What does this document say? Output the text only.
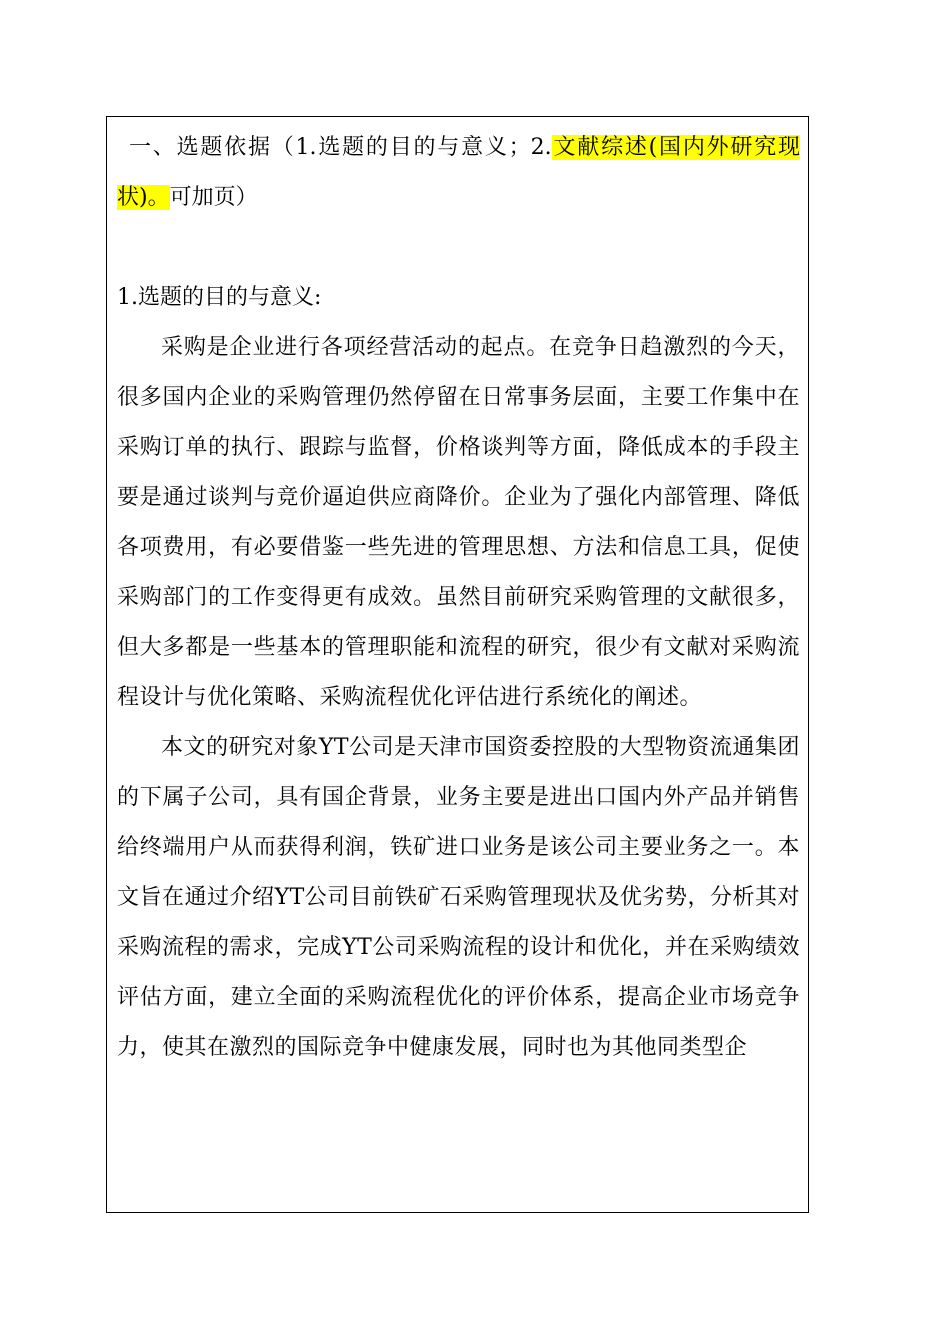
一、选题依据（1.选题的目的与意义；2.文献综述(国内外研究现状)。可加页）

1.选题的目的与意义:

采购是企业进行各项经营活动的起点。在竞争日趋激烈的今天，很多国内企业的采购管理仍然停留在日常事务层面，主要工作集中在采购订单的执行、跟踪与监督，价格谈判等方面，降低成本的手段主要是通过谈判与竞价逼迫供应商降价。企业为了强化内部管理、降低各项费用，有必要借鉴一些先进的管理思想、方法和信息工具，促使采购部门的工作变得更有成效。虽然目前研究采购管理的文献很多，但大多都是一些基本的管理职能和流程的研究，很少有文献对采购流程设计与优化策略、采购流程优化评估进行系统化的阐述。

本文的研究对象YT公司是天津市国资委控股的大型物资流通集团的下属子公司，具有国企背景，业务主要是进出口国内外产品并销售给终端用户从而获得利润，铁矿进口业务是该公司主要业务之一。本文旨在通过介绍YT公司目前铁矿石采购管理现状及优劣势，分析其对采购流程的需求，完成YT公司采购流程的设计和优化，并在采购绩效评估方面，建立全面的采购流程优化的评价体系，提高企业市场竞争力，使其在激烈的国际竞争中健康发展，同时也为其他同类型企
